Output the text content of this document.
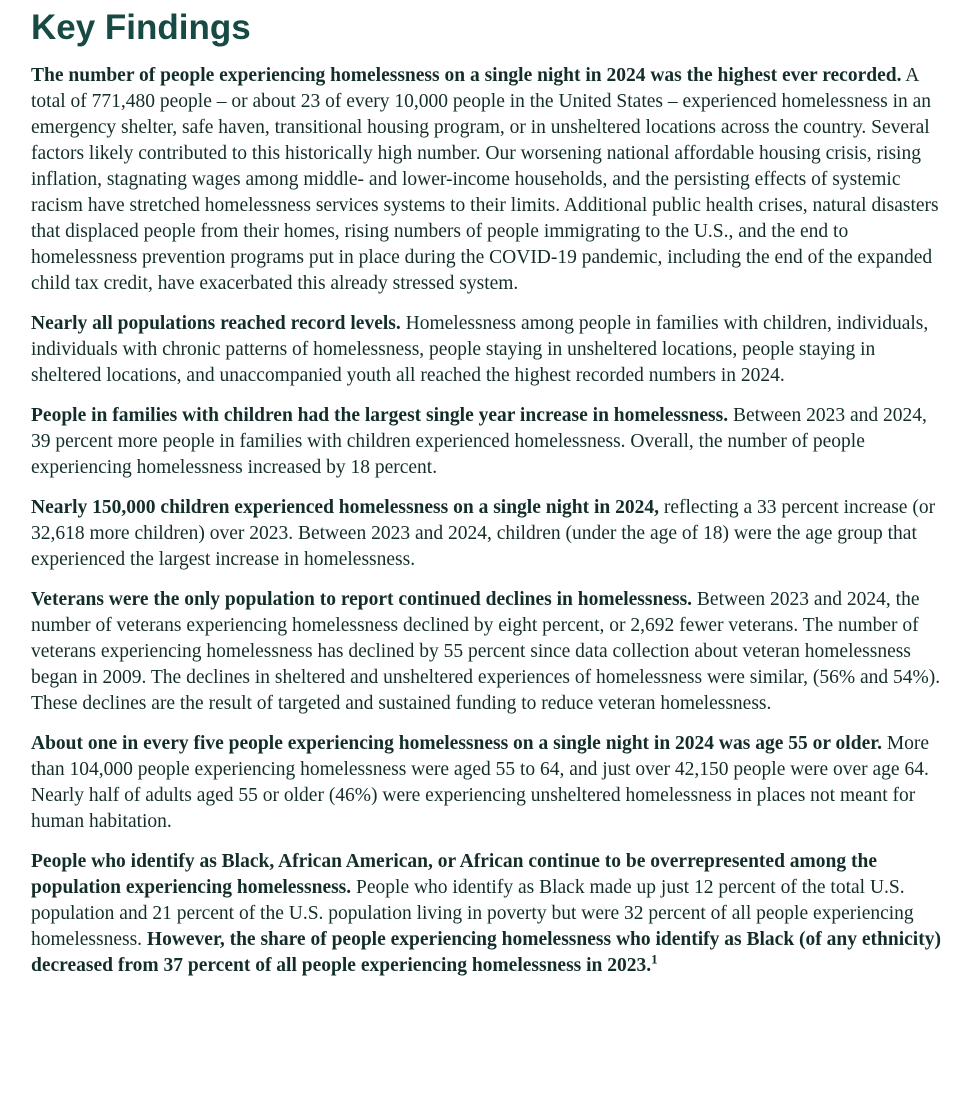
Key Findings

The number of people experiencing homelessness on a single night in 2024 was the highest ever recorded. A total of 771,480 people – or about 23 of every 10,000 people in the United States – experienced homelessness in an emergency shelter, safe haven, transitional housing program, or in unsheltered locations across the country. Several factors likely contributed to this historically high number. Our worsening national affordable housing crisis, rising inflation, stagnating wages among middle- and lower-income households, and the persisting effects of systemic racism have stretched homelessness services systems to their limits. Additional public health crises, natural disasters that displaced people from their homes, rising numbers of people immigrating to the U.S., and the end to homelessness prevention programs put in place during the COVID-19 pandemic, including the end of the expanded child tax credit, have exacerbated this already stressed system.

Nearly all populations reached record levels. Homelessness among people in families with children, individuals, individuals with chronic patterns of homelessness, people staying in unsheltered locations, people staying in sheltered locations, and unaccompanied youth all reached the highest recorded numbers in 2024.

People in families with children had the largest single year increase in homelessness. Between 2023 and 2024, 39 percent more people in families with children experienced homelessness. Overall, the number of people experiencing homelessness increased by 18 percent.

Nearly 150,000 children experienced homelessness on a single night in 2024, reflecting a 33 percent increase (or 32,618 more children) over 2023. Between 2023 and 2024, children (under the age of 18) were the age group that experienced the largest increase in homelessness.

Veterans were the only population to report continued declines in homelessness. Between 2023 and 2024, the number of veterans experiencing homelessness declined by eight percent, or 2,692 fewer veterans. The number of veterans experiencing homelessness has declined by 55 percent since data collection about veteran homelessness began in 2009. The declines in sheltered and unsheltered experiences of homelessness were similar, (56% and 54%). These declines are the result of targeted and sustained funding to reduce veteran homelessness.

About one in every five people experiencing homelessness on a single night in 2024 was age 55 or older. More than 104,000 people experiencing homelessness were aged 55 to 64, and just over 42,150 people were over age 64. Nearly half of adults aged 55 or older (46%) were experiencing unsheltered homelessness in places not meant for human habitation.

People who identify as Black, African American, or African continue to be overrepresented among the population experiencing homelessness. People who identify as Black made up just 12 percent of the total U.S. population and 21 percent of the U.S. population living in poverty but were 32 percent of all people experiencing homelessness. However, the share of people experiencing homelessness who identify as Black (of any ethnicity) decreased from 37 percent of all people experiencing homelessness in 2023.$^1$
